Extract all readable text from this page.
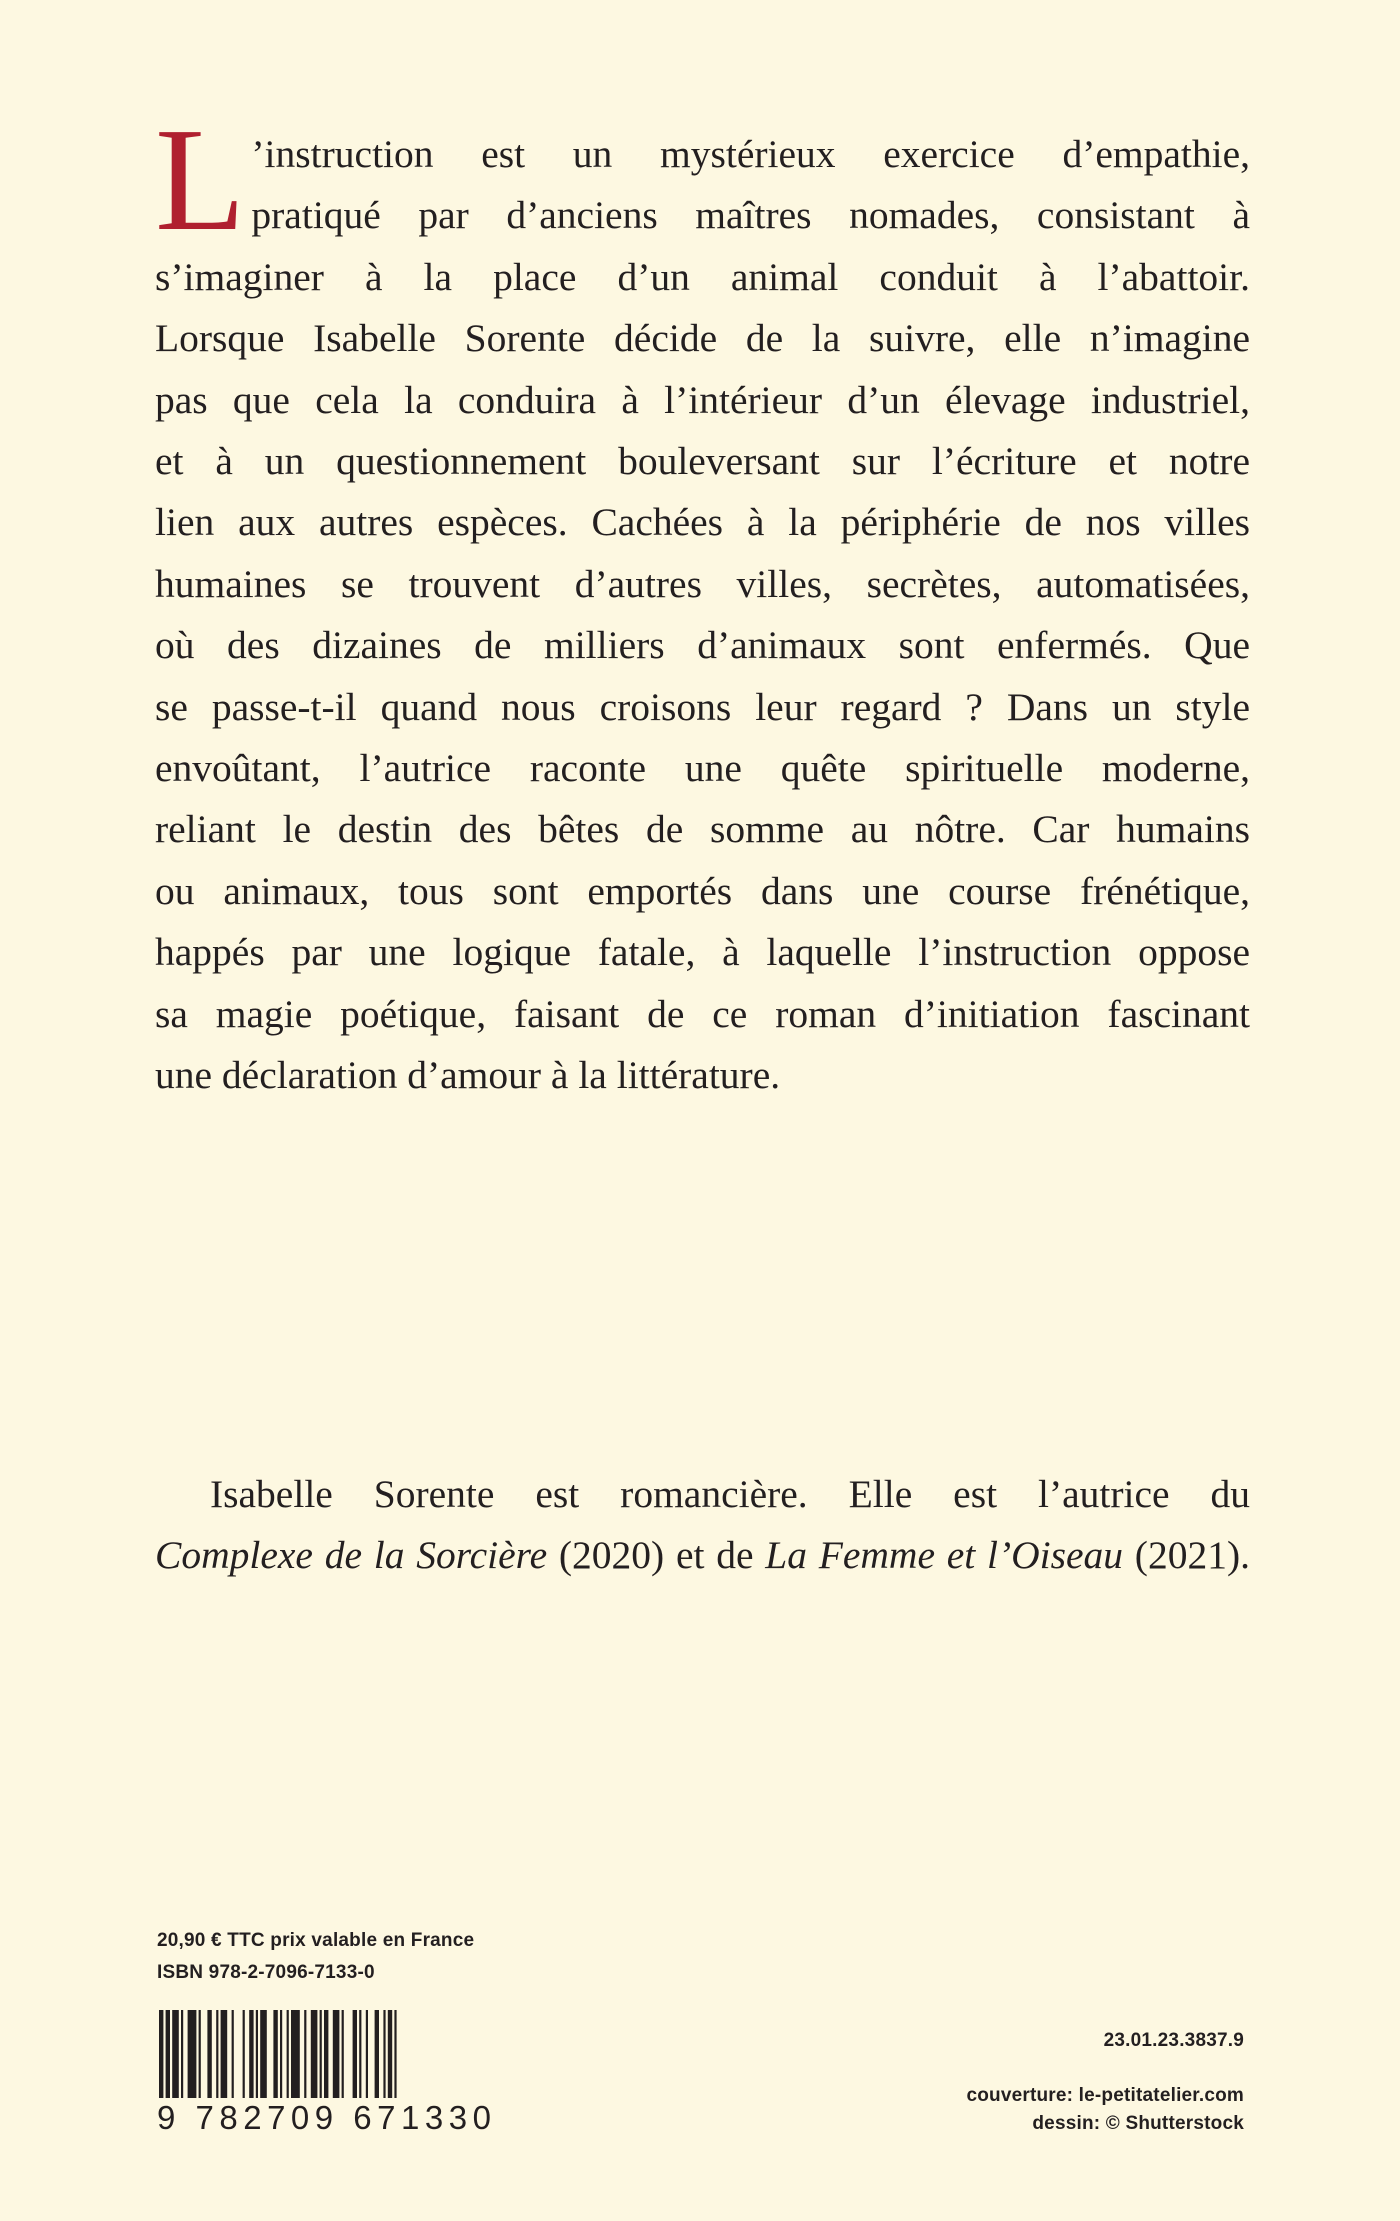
L ’instruction est un mystérieux exercice d’empathie,
pratiqué par d’anciens maîtres nomades, consistant à
s’imaginer à la place d’un animal conduit à l’abattoir.
Lorsque Isabelle Sorente décide de la suivre, elle n’imagine
pas que cela la conduira à l’intérieur d’un élevage industriel,
et à un questionnement bouleversant sur l’écriture et notre
lien aux autres espèces. Cachées à la périphérie de nos villes
humaines se trouvent d’autres villes, secrètes, automatisées,
où des dizaines de milliers d’animaux sont enfermés. Que
se passe-t-il quand nous croisons leur regard ? Dans un style
envoûtant, l’autrice raconte une quête spirituelle moderne,
reliant le destin des bêtes de somme au nôtre. Car humains
ou animaux, tous sont emportés dans une course frénétique,
happés par une logique fatale, à laquelle l’instruction oppose
sa magie poétique, faisant de ce roman d’initiation fascinant
une déclaration d’amour à la littérature.
Isabelle Sorente est romancière. Elle est l’autrice du
Complexe de la Sorcière (2020) et de La Femme et l’Oiseau (2021).
20,90 € TTC prix valable en France
ISBN 978-2-7096-7133-0
9 782709 671330
23.01.23.3837.9
couverture: le-petitatelier.com
dessin: © Shutterstock
